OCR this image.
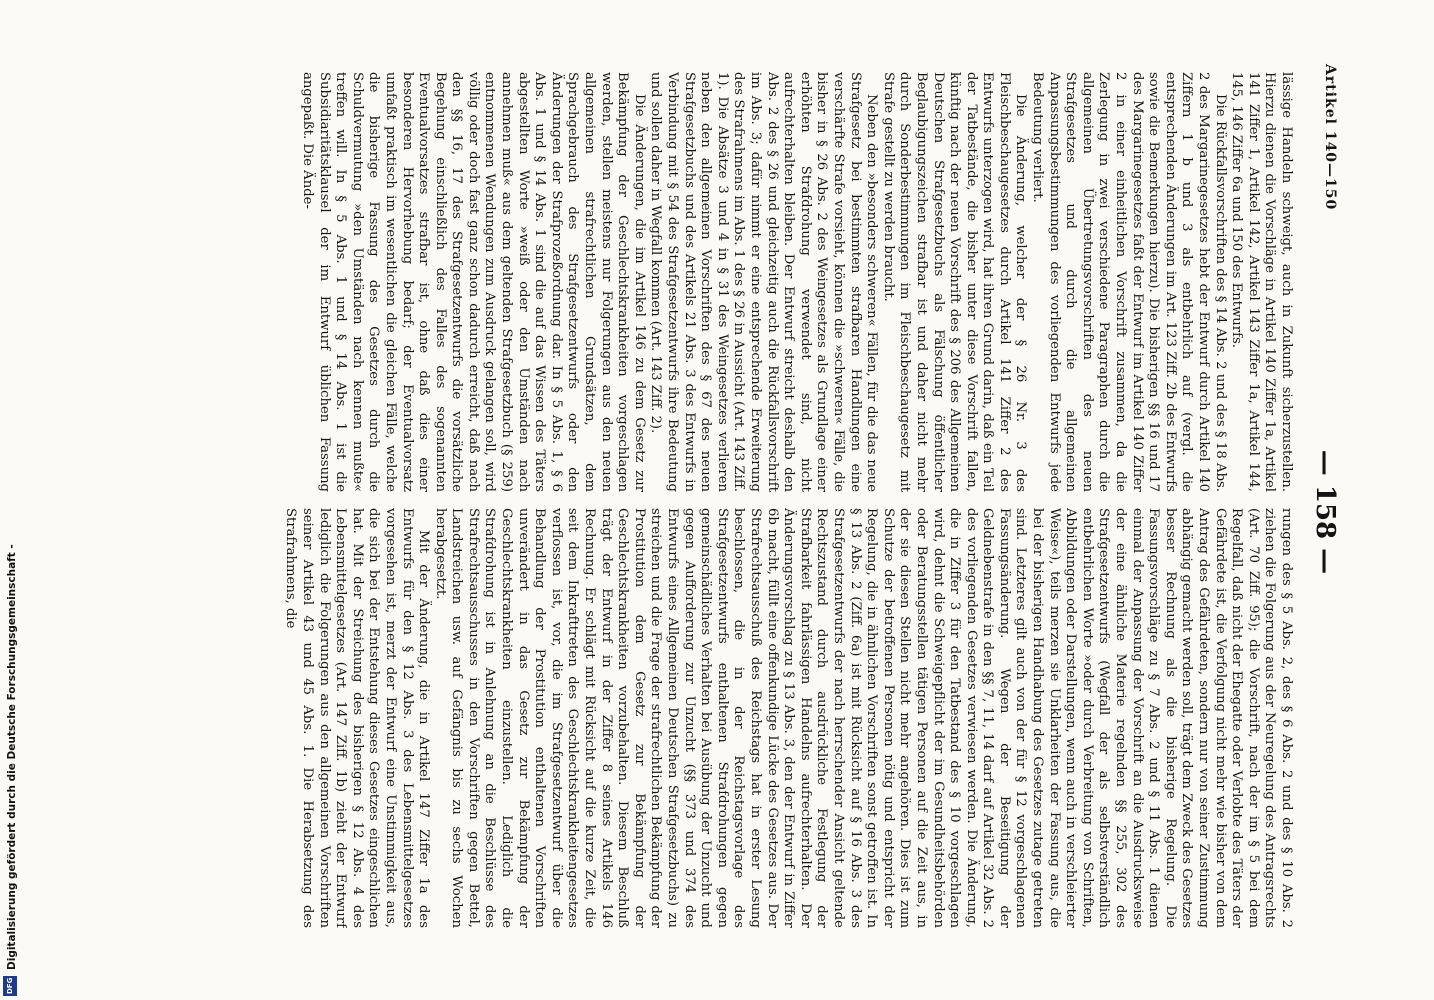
Artikel 140—150
— 158 —

lässige Handeln schweigt, auch in Zukunft sicherzustellen. Hierzu dienen die Vorschläge in Artikel 140 Ziffer 1a, Artikel 141 Ziffer 1, Artikel 142, Artikel 143 Ziffer 1a, Artikel 144, 145, 146 Ziffer 6a und 150 des Entwurfs.

Die Rückfallsvorschriften des § 14 Abs. 2 und des § 18 Abs. 2 des Margarinegesetzes hebt der Entwurf durch Artikel 140 Ziffern 1 b und 3 als entbehrlich auf (vergl. die entsprechenden Änderungen im Art. 123 Ziff. 2b des Entwurfs sowie die Bemerkungen hierzu). Die bisherigen §§ 16 und 17 des Margarinegesetzes faßt der Entwurf im Artikel 140 Ziffer 2 in einer einheitlichen Vorschrift zusammen, da die Zerlegung in zwei verschiedene Paragraphen durch die allgemeinen Übertretungsvorschriften des neuen Strafgesetzes und durch die allgemeinen Anpassungsbestimmungen des vorliegenden Entwurfs jede Bedeutung verliert.

Die Änderung, welcher der § 26 Nr. 3 des Fleischbeschaugesetzes durch Artikel 141 Ziffer 2 des Entwurfs unterzogen wird, hat ihren Grund darin, daß ein Teil der Tatbestände, die bisher unter diese Vorschrift fallen, künftig nach der neuen Vorschrift des § 206 des Allgemeinen Deutschen Strafgesetzbuchs als Fälschung öffentlicher Beglaubigungszeichen strafbar ist und daher nicht mehr durch Sonderbestimmungen im Fleischbeschaugesetz mit Strafe gestellt zu werden braucht.

Neben den »besonders schweren« Fällen, für die das neue Strafgesetz bei bestimmten strafbaren Handlungen eine verschärfte Strafe vorsieht, können die »schweren« Fälle, die bisher in § 26 Abs. 2 des Weingesetzes als Grundlage einer erhöhten Strafdrohung verwendet sind, nicht aufrechterhalten bleiben. Der Entwurf streicht deshalb den Abs. 2 des § 26 und gleichzeitig auch die Rückfallsvorschrift im Abs. 3; dafür nimmt er eine entsprechende Erweiterung des Strafrahmens im Abs. 1 des § 26 in Aussicht (Art. 143 Ziff. 1). Die Absätze 3 und 4 in § 31 des Weingesetzes verlieren neben den allgemeinen Vorschriften des § 67 des neuen Strafgesetzbuchs und des Artikels 21 Abs. 3 des Entwurfs in Verbindung mit § 54 des Strafgesetzentwurfs ihre Bedeutung und sollen daher in Wegfall kommen (Art. 143 Ziff. 2).

Die Änderungen, die im Artikel 146 zu dem Gesetz zur Bekämpfung der Geschlechtskrankheiten vorgeschlagen werden, stellen meistens nur Folgerungen aus den neuen allgemeinen strafrechtlichen Grundsätzen, dem Sprachgebrauch des Strafgesetzentwurfs oder den Änderungen der Strafprozeßordnung dar. In § 5 Abs. 1, § 6 Abs. 1 und § 14 Abs. 1 sind die auf das Wissen des Täters abgestellten Worte »weiß oder den Umständen nach annehmen muß« aus dem geltenden Strafgesetzbuch (§ 259) entnommenen Wendungen zum Ausdruck gelangen soll, wird völlig oder doch fast ganz schon dadurch erreicht, daß nach den §§ 16, 17 des Strafgesetzentwurfs die vorsätzliche Begehung einschließlich des Falles des sogenannten Eventualvorsatzes strafbar ist, ohne daß dies einer besonderen Hervorhebung bedarf; der Eventualvorsatz umfaßt praktisch im wesentlichen die gleichen Fälle, welche die bisherige Fassung des Gesetzes durch die Schuldvermutung »den Umständen nach kennen mußte« treffen will. In § 5 Abs. 1 und § 14 Abs. 1 ist die Subsidiaritätsklausel der im Entwurf üblichen Fassung angepaßt. Die Ände-

rungen des § 5 Abs. 2, des § 6 Abs. 2 und des § 10 Abs. 2 ziehen die Folgerung aus der Neuregelung des Antragsrechts (Art. 70 Ziff. 95); die Vorschrift, nach der im § 5 bei dem Regelfall, daß nicht der Ehegatte oder Verlobte des Täters der Gefährdete ist, die Verfolgung nicht mehr wie bisher von dem Antrag des Gefährdeten, sondern nur von seiner Zustimmung abhängig gemacht werden soll, trägt dem Zweck des Gesetzes besser Rechnung als die bisherige Regelung. Die Fassungsvorschläge zu § 7 Abs. 2 und § 11 Abs. 1 dienen einmal der Anpassung der Vorschrift an die Ausdrucksweise der eine ähnliche Materie regelnden §§ 255, 302 des Strafgesetzentwurfs (Wegfall der als selbstverständlich entbehrlichen Worte »oder durch Verbreitung von Schriften, Abbildungen oder Darstellungen, wenn auch in verschleierter Weise«), teils merzen sie Unklarheiten der Fassung aus, die bei der bisherigen Handhabung des Gesetzes zutage getreten sind. Letzteres gilt auch von der für § 12 vorgeschlagenen Fassungsänderung. Wegen der Beseitigung der Geldnebenstrafe in den §§ 7, 11, 14 darf auf Artikel 32 Abs. 2 des vorliegenden Gesetzes verwiesen werden. Die Änderung, die in Ziffer 3 für den Tatbestand des § 10 vorgeschlagen wird, dehnt die Schweigepflicht der im Gesundheitsbehörden oder Beratungsstellen tätigen Personen auf die Zeit aus, in der sie diesen Stellen nicht mehr angehören. Dies ist zum Schutze der betroffenen Personen nötig und entspricht der Regelung, die in ähnlichen Vorschriften sonst getroffen ist. In § 13 Abs. 2 (Ziff. 6a) ist mit Rücksicht auf § 16 Abs. 3 des Strafgesetzentwurfs der nach herrschender Ansicht geltende Rechtszustand durch ausdrückliche Festlegung der Strafbarkeit fahrlässigen Handelns aufrechterhalten. Der Änderungsvorschlag zu § 13 Abs. 3, den der Entwurf in Ziffer 6b macht, füllt eine offenkundige Lücke des Gesetzes aus. Der Strafrechtsausschuß des Reichstags hat in erster Lesung beschlossen, die in der Reichstagsvorlage des Strafgesetzentwurfs enthaltenen Strafdrohungen gegen gemeinschädliches Verhalten bei Ausübung der Unzucht und gegen Aufforderung zur Unzucht (§§ 373 und 374 des Entwurfs eines Allgemeinen Deutschen Strafgesetzbuchs) zu streichen und die Frage der strafrechtlichen Bekämpfung der Prostitution dem Gesetz zur Bekämpfung der Geschlechtskrankheiten vorzubehalten. Diesem Beschluß trägt der Entwurf in der Ziffer 8 seines Artikels 146 Rechnung. Er schlägt mit Rücksicht auf die kurze Zeit, die seit dem Inkrafttreten des Geschlechtskrankheitengesetzes verflossen ist, vor, die im Strafgesetzentwurf über die Behandlung der Prostitution enthaltenen Vorschriften unverändert in das Gesetz zur Bekämpfung der Geschlechtskrankheiten einzustellen. Lediglich die Strafdrohung ist in Anlehnung an die Beschlüsse des Strafrechtsausschusses in den Vorschriften gegen Bettel, Landstreichen usw. auf Gefängnis bis zu sechs Wochen herabgesetzt.

Mit der Änderung, die in Artikel 147 Ziffer 1a des Entwurfs für den § 12 Abs. 3 des Lebensmittelgesetzes vorgesehen ist, merzt der Entwurf eine Unstimmigkeit aus, die sich bei der Entstehung dieses Gesetzes eingeschlichen hat. Mit der Streichung des bisherigen § 12 Abs. 4 des Lebensmittelgesetzes (Art. 147 Ziff. 1b) zieht der Entwurf lediglich die Folgerungen aus den allgemeinen Vorschriften seiner Artikel 43 und 45 Abs. 1. Die Herabsetzung des Strafrahmens, die

Digitalisierung gefördert durch die Deutsche Forschungsgemeinschaft -
DFG
